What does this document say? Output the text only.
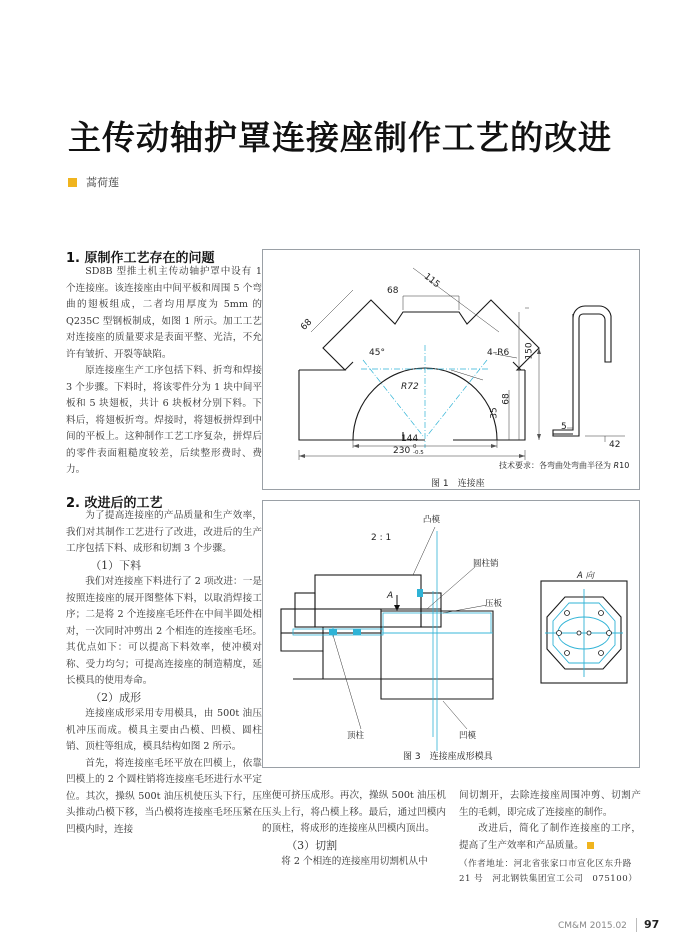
主传动轴护罩连接座制作工艺的改进
蒿荷莲
1. 原制作工艺存在的问题
SD8B 型推土机主传动轴护罩中设有 1 个连接座。该连接座由中间平板和周围 5 个弯曲的翅板组成，二者均用厚度为 5mm 的 Q235C 型钢板制成，如图 1 所示。加工工艺对连接座的质量要求是表面平整、光洁，不允许有皱折、开裂等缺陷。
原连接座生产工序包括下料、折弯和焊接 3 个步骤。下料时，将该零件分为 1 块中间平板和 5 块翅板，共计 6 块板材分别下料。下料后，将翅板折弯。焊接时，将翅板拼焊到中间的平板上。这种制作工艺工序复杂，拼焊后的零件表面粗糙度较差，后续整形费时、费力。
2. 改进后的工艺
为了提高连接座的产品质量和生产效率，我们对其制作工艺进行了改进，改进后的生产工序包括下料、成形和切割 3 个步骤。
（1）下料
我们对连接座下料进行了 2 项改进：一是按照连接座的展开图整体下料，以取消焊接工序；二是将 2 个连接座毛坯件在中间半圆处相对，一次同时冲剪出 2 个相连的连接座毛坯。其优点如下：可以提高下料效率，使冲模对称、受力均匀；可提高连接座的制造精度，延长模具的使用寿命。
（2）成形
连接座成形采用专用模具，由 500t 油压机冲压而成。模具主要由凸模、凹模、圆柱销、顶柱等组成，模具结构如图 2 所示。
首先，将连接座毛坯平放在凹模上，依靠凹模上的 2 个圆柱销将连接座毛坯进行水平定位。其次，操纵 500t 油压机使压头下行，压头推动凸模下移，当凸模将连接座毛坯压紧在凹模内时，连接
座便可挤压成形。再次，操纵 500t 油压机压头上行，将凸模上移。最后，通过凹模内的顶柱，将成形的连接座从凹模内顶出。
（3）切割
将 2 个相连的连接座用切割机从中
间切割开，去除连接座周围冲剪、切割产生的毛刺，即完成了连接座的制作。
改进后，简化了制作连接座的工序，提高了生产效率和产品质量。
（作者地址：河北省张家口市宣化区东升路
21 号　河北钢铁集团宣工公司　075100）
68
68
115
45°
R72
4–R6 150
68
35
144
230 0
-0.5
5
42
技术要求：各弯曲处弯曲半径为 R10
图 1　连接座
2 : 1
凸模
圆柱销
压板
A
顶柱	凹模
A 向
图 3　连接座成形模具
CM&M 2015.02 97
